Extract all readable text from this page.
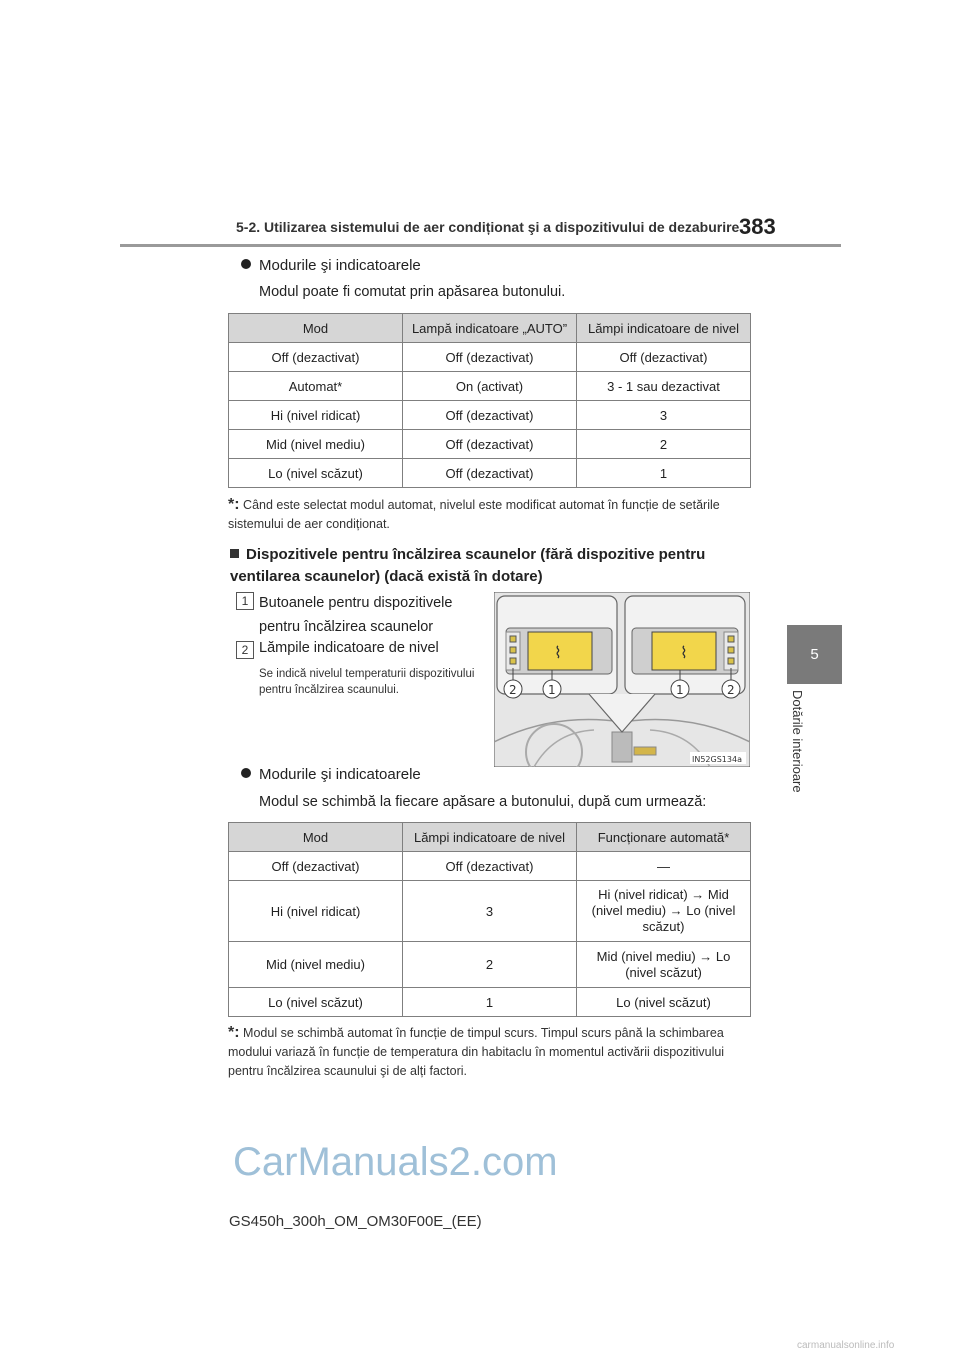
5-2. Utilizarea sistemului de aer condiționat şi a dispozitivului de dezaburire 383
5
Dotările interioare
Modurile şi indicatoarele
Modul poate fi comutat prin apăsarea butonului.
Mod	Lampă indicatoare „AUTO”	Lămpi indicatoare de nivel
Off (dezactivat)	Off (dezactivat)	Off (dezactivat)
Automat*	On (activat)	3 - 1 sau dezactivat
Hi (nivel ridicat)	Off (dezactivat)	3
Mid (nivel mediu)	Off (dezactivat)	2
Lo (nivel scăzut)	Off (dezactivat)	1
*: Când este selectat modul automat, nivelul este modificat automat în funcție de setările sistemului de aer condiționat.
Dispozitivele pentru încălzirea scaunelor (fără dispozitive pentru ventilarea scaunelor) (dacă există în dotare)
1 Butoanele pentru dispozitivele pentru încălzirea scaunelor
2 Lămpile indicatoare de nivel
Se indică nivelul temperaturii dispozitivului pentru încălzirea scaunului.
⌇	⌇
2	1	1	2
IN52GS134a
Modurile şi indicatoarele
Modul se schimbă la fiecare apăsare a butonului, după cum urmează:
Mod	Lămpi indicatoare de nivel	Funcționare automată*
Off (dezactivat)	Off (dezactivat)	—
Hi (nivel ridicat)	3	Hi (nivel ridicat) → Mid (nivel mediu) → Lo (nivel scăzut)
Mid (nivel mediu)	2	Mid (nivel mediu) → Lo (nivel scăzut)
Lo (nivel scăzut)	1	Lo (nivel scăzut)
*: Modul se schimbă automat în funcție de timpul scurs. Timpul scurs până la schimbarea modului variază în funcție de temperatura din habitaclu în momentul activării dispozitivului pentru încălzirea scaunului şi de alți factori.
CarManuals2.com
GS450h_300h_OM_OM30F00E_(EE)
carmanualsonline.info
